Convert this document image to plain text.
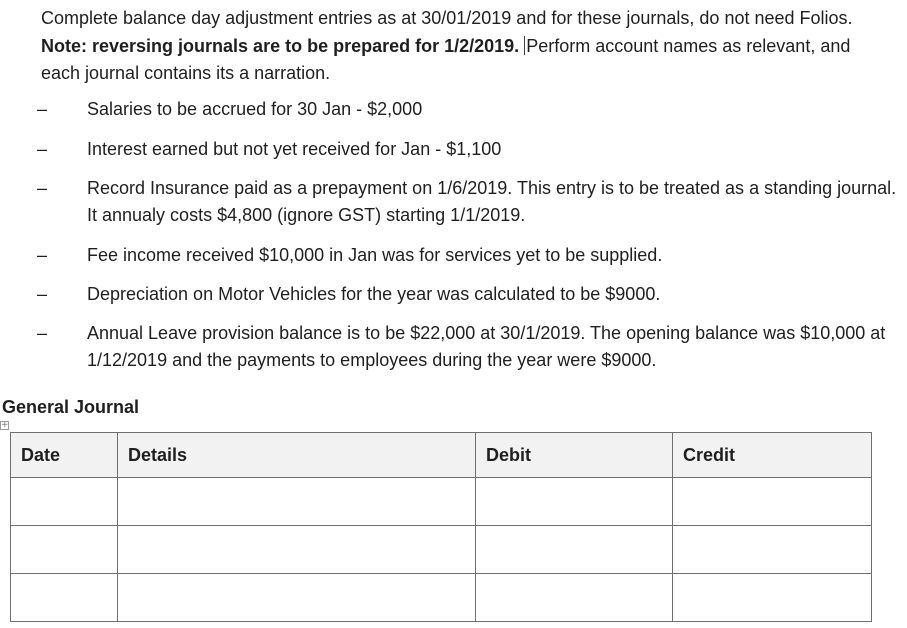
Complete balance day adjustment entries as at 30/01/2019 and for these journals, do not need Folios. Note: reversing journals are to be prepared for 1/2/2019. Perform account names as relevant, and each journal contains its a narration.

– Salaries to be accrued for 30 Jan - $2,000

– Interest earned but not yet received for Jan - $1,100

– Record Insurance paid as a prepayment on 1/6/2019. This entry is to be treated as a standing journal. It annualy costs $4,800 (ignore GST) starting 1/1/2019.

– Fee income received $10,000 in Jan was for services yet to be supplied.

– Depreciation on Motor Vehicles for the year was calculated to be $9000.

– Annual Leave provision balance is to be $22,000 at 30/1/2019. The opening balance was $10,000 at 1/12/2019 and the payments to employees during the year were $9000.

General Journal
+
Date	Details	Debit	Credit
